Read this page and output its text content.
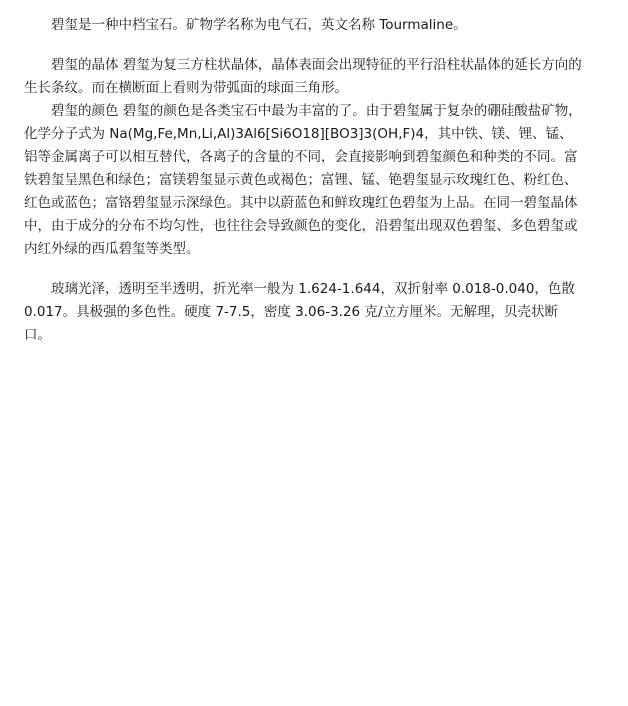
碧玺是一种中档宝石。矿物学名称为电气石，英文名称 Tourmaline。

碧玺的晶体 碧玺为复三方柱状晶体，晶体表面会出现特征的平行沿柱状晶体的延长方向的生长条纹。而在横断面上看则为带弧面的球面三角形。

碧玺的颜色 碧玺的颜色是各类宝石中最为丰富的了。由于碧玺属于复杂的硼硅酸盐矿物，化学分子式为 Na(Mg,Fe,Mn,Li,Al)3Al6[Si6O18][BO3]3(OH,F)4，其中铁、镁、锂、锰、铝等金属离子可以相互替代，各离子的含量的不同，会直接影响到碧玺颜色和种类的不同。富铁碧玺呈黑色和绿色；富镁碧玺显示黄色或褐色；富锂、锰、铯碧玺显示玫瑰红色、粉红色、红色或蓝色；富铬碧玺显示深绿色。其中以蔚蓝色和鲜玫瑰红色碧玺为上品。在同一碧玺晶体中，由于成分的分布不均匀性，也往往会导致颜色的变化，沿碧玺出现双色碧玺、多色碧玺或内红外绿的西瓜碧玺等类型。

玻璃光泽，透明至半透明，折光率一般为 1.624-1.644，双折射率 0.018-0.040，色散 0.017。具极强的多色性。硬度 7-7.5，密度 3.06-3.26 克/立方厘米。无解理，贝壳状断口。
